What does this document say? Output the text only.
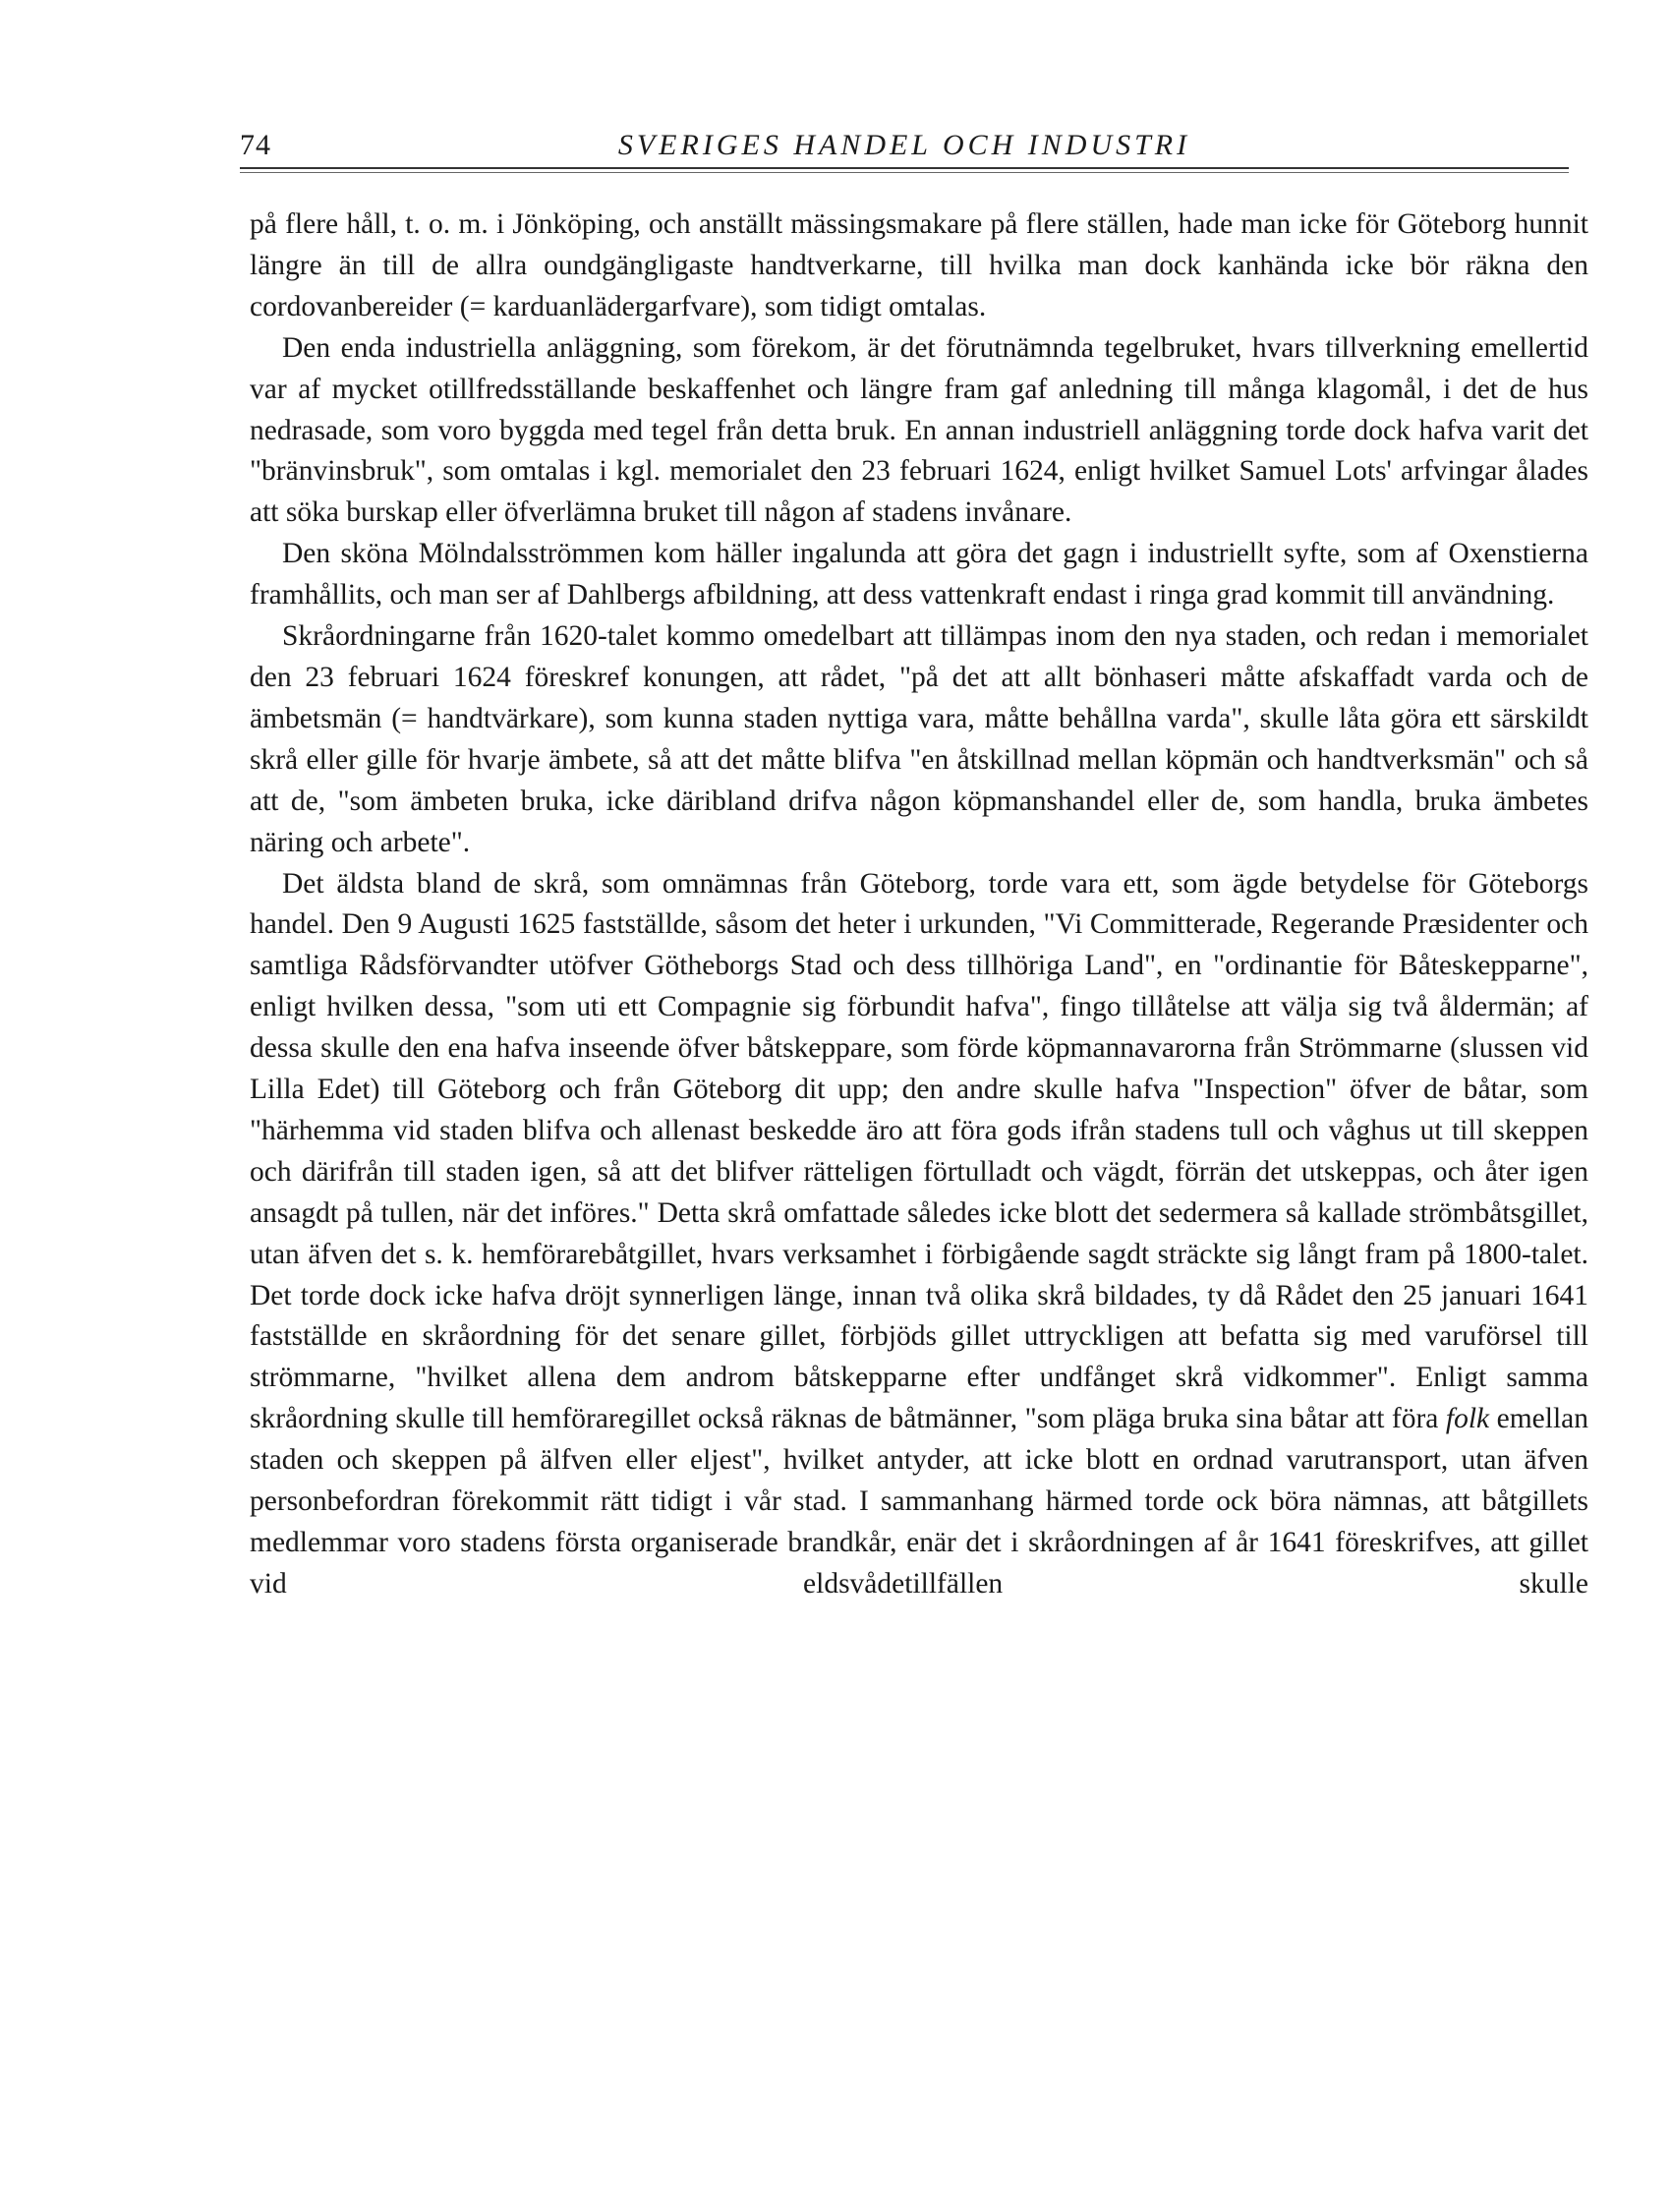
74	SVERIGES HANDEL OCH INDUSTRI

på flere håll, t. o. m. i Jönköping, och anställt mässingsmakare på flere ställen, hade man icke för Göteborg hunnit längre än till de allra oundgängligaste handtverkarne, till hvilka man dock kanhända icke bör räkna den cordovanbereider (= karduanlädergarfvare), som tidigt omtalas.

Den enda industriella anläggning, som förekom, är det förutnämnda tegelbruket, hvars tillverkning emellertid var af mycket otillfredsställande beskaffenhet och längre fram gaf anledning till många klagomål, i det de hus nedrasade, som voro byggda med tegel från detta bruk. En annan industriell anläggning torde dock hafva varit det "bränvinsbruk", som omtalas i kgl. memorialet den 23 februari 1624, enligt hvilket Samuel Lots' arfvingar ålades att söka burskap eller öfverlämna bruket till någon af stadens invånare.

Den sköna Mölndalsströmmen kom häller ingalunda att göra det gagn i industriellt syfte, som af Oxenstierna framhållits, och man ser af Dahlbergs afbildning, att dess vattenkraft endast i ringa grad kommit till användning.

Skråordningarne från 1620-talet kommo omedelbart att tillämpas inom den nya staden, och redan i memorialet den 23 februari 1624 föreskref konungen, att rådet, "på det att allt bönhaseri måtte afskaffadt varda och de ämbetsmän (= handtvärkare), som kunna staden nyttiga vara, måtte behållna varda", skulle låta göra ett särskildt skrå eller gille för hvarje ämbete, så att det måtte blifva "en åtskillnad mellan köpmän och handtverksmän" och så att de, "som ämbeten bruka, icke däribland drifva någon köpmanshandel eller de, som handla, bruka ämbetes näring och arbete".

Det äldsta bland de skrå, som omnämnas från Göteborg, torde vara ett, som ägde betydelse för Göteborgs handel. Den 9 Augusti 1625 fastställde, såsom det heter i urkunden, "Vi Committerade, Regerande Præsidenter och samtliga Rådsförvandter utöfver Götheborgs Stad och dess tillhöriga Land", en "ordinantie för Båteskepparne", enligt hvilken dessa, "som uti ett Compagnie sig förbundit hafva", fingo tillåtelse att välja sig två åldermän; af dessa skulle den ena hafva inseende öfver båtskeppare, som förde köpmannavarorna från Strömmarne (slussen vid Lilla Edet) till Göteborg och från Göteborg dit upp; den andre skulle hafva "Inspection" öfver de båtar, som "härhemma vid staden blifva och allenast beskedde äro att föra gods ifrån stadens tull och våghus ut till skeppen och därifrån till staden igen, så att det blifver rätteligen förtulladt och vägdt, förrän det utskeppas, och åter igen ansagdt på tullen, när det införes." Detta skrå omfattade således icke blott det sedermera så kallade strömbåtsgillet, utan äfven det s. k. hemförarebåtgillet, hvars verksamhet i förbigående sagdt sträckte sig långt fram på 1800-talet. Det torde dock icke hafva dröjt synnerligen länge, innan två olika skrå bildades, ty då Rådet den 25 januari 1641 fastställde en skråordning för det senare gillet, förbjöds gillet uttryckligen att befatta sig med varuförsel till strömmarne, "hvilket allena dem androm båtskepparne efter undfånget skrå vidkommer". Enligt samma skråordning skulle till hemföraregillet också räknas de båtmänner, "som pläga bruka sina båtar att föra folk emellan staden och skeppen på älfven eller eljest", hvilket antyder, att icke blott en ordnad varutransport, utan äfven personbefordran förekommit rätt tidigt i vår stad. I sammanhang härmed torde ock böra nämnas, att båtgillets medlemmar voro stadens första organiserade brandkår, enär det i skråordningen af år 1641 föreskrifves, att gillet vid eldsvådetillfällen skulle
